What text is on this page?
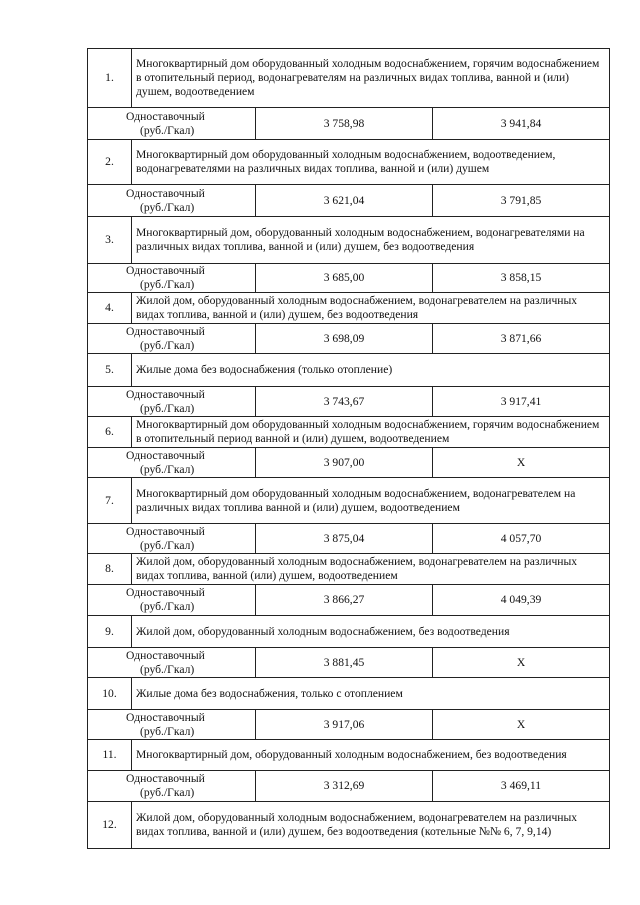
1.	Многоквартирный дом оборудованный холодным водоснабжением, горячим водоснабжением в отопительный период, водонагревателям на различных видах топлива, ванной и (или) душем, водоотведением		

Одноставочный
(руб./Гкал)		3 758,98	3 941,84
2.	Многоквартирный дом оборудованный холодным водоснабжением, водоотведением, водонагревателями на различных видах топлива, ванной и (или) душем		

Одноставочный
(руб./Гкал)		3 621,04	3 791,85
3.	Многоквартирный дом, оборудованный холодным водоснабжением, водонагревателями на различных видах топлива, ванной и (или) душем, без водоотведения		

Одноставочный
(руб./Гкал)		3 685,00	3 858,15
4.	Жилой дом, оборудованный холодным водоснабжением, водонагревателем на различных видах топлива, ванной и (или) душем, без водоотведения		

Одноставочный
(руб./Гкал)		3 698,09	3 871,66
5.	Жилые дома без водоснабжения (только отопление)		

Одноставочный
(руб./Гкал)		3 743,67	3 917,41
6.	Многоквартирный дом оборудованный холодным водоснабжением, горячим водоснабжением в отопительный период ванной и (или) душем, водоотведением		

Одноставочный
(руб./Гкал)		3 907,00	Х
7.	Многоквартирный дом оборудованный холодным водоснабжением, водонагревателем на различных видах топлива ванной и (или) душем, водоотведением		

Одноставочный
(руб./Гкал)		3 875,04	4 057,70
8.	Жилой дом, оборудованный холодным водоснабжением, водонагревателем на различных видах топлива, ванной (или) душем, водоотведением		

Одноставочный
(руб./Гкал)		3 866,27	4 049,39
9.	Жилой дом, оборудованный холодным водоснабжением, без водоотведения		

Одноставочный
(руб./Гкал)		3 881,45	Х
10.	Жилые дома без водоснабжения, только с отоплением		

Одноставочный
(руб./Гкал)		3 917,06	Х
11.	Многоквартирный дом, оборудованный холодным водоснабжением, без водоотведения		

Одноставочный
(руб./Гкал)		3 312,69	3 469,11
12.	Жилой дом, оборудованный холодным водоснабжением, водонагревателем на различных видах топлива, ванной и (или) душем, без водоотведения (котельные №№ 6, 7, 9,14)		
